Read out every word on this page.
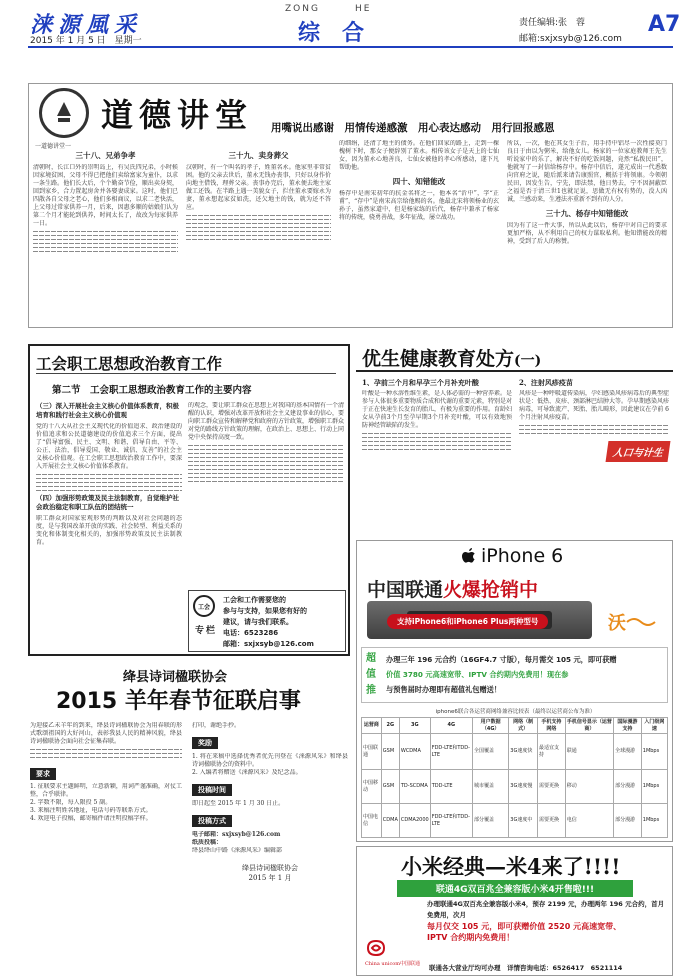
涞源風采
2015 年 1 月 5 日　星期一
ZONG	HE
综　合	责任编辑:张　蓉
邮箱:sxjxsyb@126.com
A7
一道德讲堂一
道德讲堂 用嘴说出感谢　用情传递感激　用心表达感动　用行回报感恩
三十八、兄弟争孝
清朝时，长江口外的崇明岛上，有吴氏四兄弟，小时候因家境贫困，父母不得已把他们卖给富家为童仆，以求一条生路。他们长大后，个个勤奋节俭，顺出卖身契，回到家乡，合力置起房舍并各娶妻成家。这时，他们已四散各自父母之老心，他们多相商议，以求二老快活，上父母过常家供养一月，后来，因惠多顺的姑娘们认为第二个月才能轮到供养，时间太长了，故改为每家供养一日。
三十九、卖身葬父
汉朝时，有一个叫名的孝子，姓董名永。他家里非常贫困。他的父亲去世后，董永无钱办丧事，只好以身作价向地主借钱，理葬父亲。丧事办完后，董永便去地主家做工还钱。在半路上遇一美貌女子，拦住董永要嫁永为妻，董永想起家贫如洗，还欠地主的钱，就为还不答应。
的细绢，还清了地主的债务。在他们回家的路上，走到一棵槐树下时，那女子便辞别了董永。相传该女子是天上的七仙女，因为董永心地善良，七仙女被他的孝心所感动，遂下凡帮助他。
四十、知错能改
杨存中是南宋初年的抗金名将之一，他本名“沂中”，字“正甫”，“存中”是南宋高宗给他赐的名。他最北宋将领杨业的玄孙子，虽然家道中，但是杨家练的后代，杨存中兼承了杨家将的传统，骁勇善战，多年征战，屡立战功。
所以，一次，他在其女生子后，用手持中铝尽一次性接莫门良日于由以为粥米，给他女儿。杨家的一位家庭教师王先生听说家中的乐了，解决不好的吃饭问题，竟然“私拨民田”，他就写了一封信给杨存中。杨存中信后，遂元成出一代悉数向官府之说，随后派来请告康照官，概括于将领康。今领朝民田，因发生告，宁先，即法禁，他日势去，宁不因洞蔽臣之福是否于清三世1也就足说，思做无有权有势的，没人凶诚，兰感动来，生遵法亦重新不到有的人分。
三十九、杨存中知错能改
因为有了这一件大事，所以从此以后，杨存中对自己的要求更加严格，从不利用自己的权力谋取私利。他知错能改的精神，受到了后人的称赞。
工会职工思想政治教育工作
第二节　工会职工思想政治教育工作的主要内容
（三）深入开展社会主义核心价值体系教育，积极培育和践行社会主义核心价值观
党的十八大从社会主义现代化的价值追求、政治建设的价值追求和公民道德建设的价值追求三个方面，提出了“倡导富强、民主、文明、和谐，倡导自由、平等、公正、法治，倡导爱国、敬业、诚信、友善”的社会主义核心价值观。在工会职工思想政治教育工作中，要深入开展社会主义核心价值体系教育。
（四）加强形势政策及民主法制教育，自觉维护社会政治稳定和职工队伍的团结统一
职工群众对国家宏观形势的判断以及对社会问题的态度，是与我国改革开放的实践、社会转型、利益关系的变化和体制变化相关的，加强形势政策及民主法制教育。
的观念，要让职工群众在思想上对我国的基本国情有一个清醒的认识，增强对改革开放和社会主义建设事业的信心，要向职工群众宣传和解释党和政府的方针政策，增强职工群众对党的路线方针政策的理解，在政治上、思想上、行动上同党中央保持高度一致。
工会
专栏
工会和工作需要您的
参与与支持，如果您有好的
建议，请与我们联系。
电话：6523286
邮箱：sxjxsyb@126.com
绛县诗词楹联协会
2015 羊年春节征联启事
为迎接乙未羊年的到来，绛县诗词楹联协会为用春联的形式歌颂祖国的大好河山，表彰我县人民的精神风貌，绛县诗词楹联协会面向社会征集春联。
要求
1. 征联要求主题鲜明，立意新颖，用词严谨准确，对仗工整，合乎联律。
2. 字数不限，每人限投 5 副。
3. 来稿注明姓名地址，电话号码等联系方式。
4. 欢迎电子投稿，邮寄稿件请注明投稿字样。
打印，谢绝手抄。
奖励
1. 将在来稿中选择优秀者优先刊登在《涞源风采》和绛县诗词楹联协会的资料中。
2. 入编者将赠送《涞源风采》及纪念品。
投稿时间
即日起至 2015 年 1 月 30 日止。
投稿方式
电子邮箱：sxjxsyb@126.com
纸质投稿：
绛县绛山中路《涞源风采》编辑部
绛县诗词楹联协会
2015 年 1 月
优生健康教育处方(一)
1、孕前三个月和早孕三个月补充叶酸
叶酸是一种水溶性维生素，是人体必需的一种营养素。是参与人体很多重要物质合成和代谢的重要元素，特别是对于正在快速生长发育的胎儿，有极为重要的作用。育龄妇女从孕前3个月至孕早期3个月补充叶酸，可以有效地预防神经管缺陷的发生。
2、注射风疹疫苗
风疹是一种呼吸道传染病，孕妇感染风疹病毒后的典型症状是：低热、皮疹、颈部淋巴结肿大等。孕早期感染风疹病毒，可导致流产、死胎、胎儿畸形，因此建议在孕前 6 个月注射风疹疫苗。
人口与计生
iPhone 6
中国联通火爆抢销中
支持iPhone6和iPhone6 Plus两种型号	沃
超值推
办理三年 196 元合约（16GF4.7 寸版），每月需交 105 元，即可获赠
价值 3780 元高速宽带、IPTV 合约期内免费用！现在参
与预售届时办理即有超值礼包赠送！
iphone6联合各运营商网络兼容比较表（最终以运营商公布为准）
运营商	2G	3G	4G	用户数据（4G）	网络（制式）	手机支持网络	手机信号显示（运营商）	国际漫游支持	入门级网速
中国联通	GSM	WCDMA	FDD-LTE和TDD-LTE	全国覆盖	3G速度快	最适宜支持	联通	全球漫游	1Mbps
中国移动	GSM	TD-SCDMA	TDD-LTE	城市覆盖	3G速度慢	需要更换	移动	部分漫游	1Mbps
中国电信	CDMA	CDMA2000	FDD-LTE和TDD-LTE	部分覆盖	3G速度中	需要更换	电信	部分漫游	1Mbps
小米经典—米4来了!!!!
联通4G双百兆全兼容版小米4开售啦!!!
办理联通4G双百兆全兼容版小米4，预存 2199 元，办理两年 196 元合约，首月免费用，次月
每月仅交 105 元，即可获赠价值 2520 元高速宽带、
IPTV 合约期内免费用！
China unicom中国联通 联通各大营业厅均可办理　详情咨询电话：6526417　6521114
